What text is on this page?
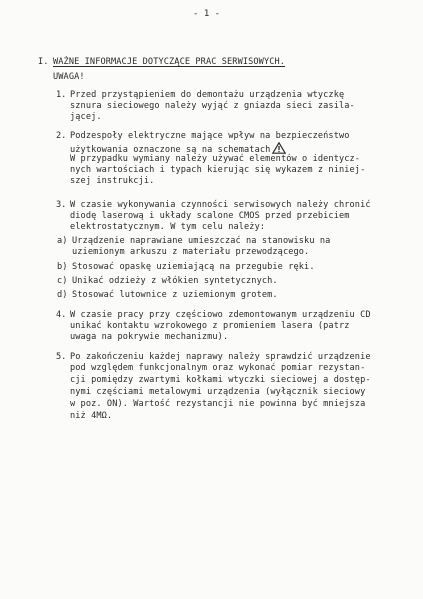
- 1 -
I. WAŻNE INFORMACJE DOTYCZĄCE PRAC SERWISOWYCH.
UWAGA!
1. Przed przystąpieniem do demontażu urządzenia wtyczkę
sznura sieciowego należy wyjąć z gniazda sieci zasila-
jącej.
2. Podzespoły elektryczne mające wpływ na bezpieczeństwo
użytkowania oznaczone są na schematach
W przypadku wymiany należy używać elementów o identycz-
nych wartościach i typach kierując się wykazem z niniej-
szej instrukcji.
3. W czasie wykonywania czynności serwisowych należy chronić
diodę laserową i układy scalone CMOS przed przebiciem
elektrostatycznym. W tym celu należy:
a) Urządzenie naprawiane umieszczać na stanowisku na
uziemionym arkuszu z materiału przewodzącego.
b) Stosować opaskę uziemiającą na przegubie ręki.
c) Unikać odzieży z włókien syntetycznych.
d) Stosować lutownice z uziemionym grotem.
4. W czasie pracy przy częściowo zdemontowanym urządzeniu CD
unikać kontaktu wzrokowego z promieniem lasera (patrz
uwaga na pokrywie mechanizmu).
5. Po zakończeniu każdej naprawy należy sprawdzić urządzenie
pod względem funkcjonalnym oraz wykonać pomiar rezystan-
cji pomiędzy zwartymi kołkami wtyczki sieciowej a dostęp-
nymi częściami metalowymi urządzenia (wyłącznik sieciowy
w poz. ON). Wartość rezystancji nie powinna być mniejsza
niż 4MΩ.
